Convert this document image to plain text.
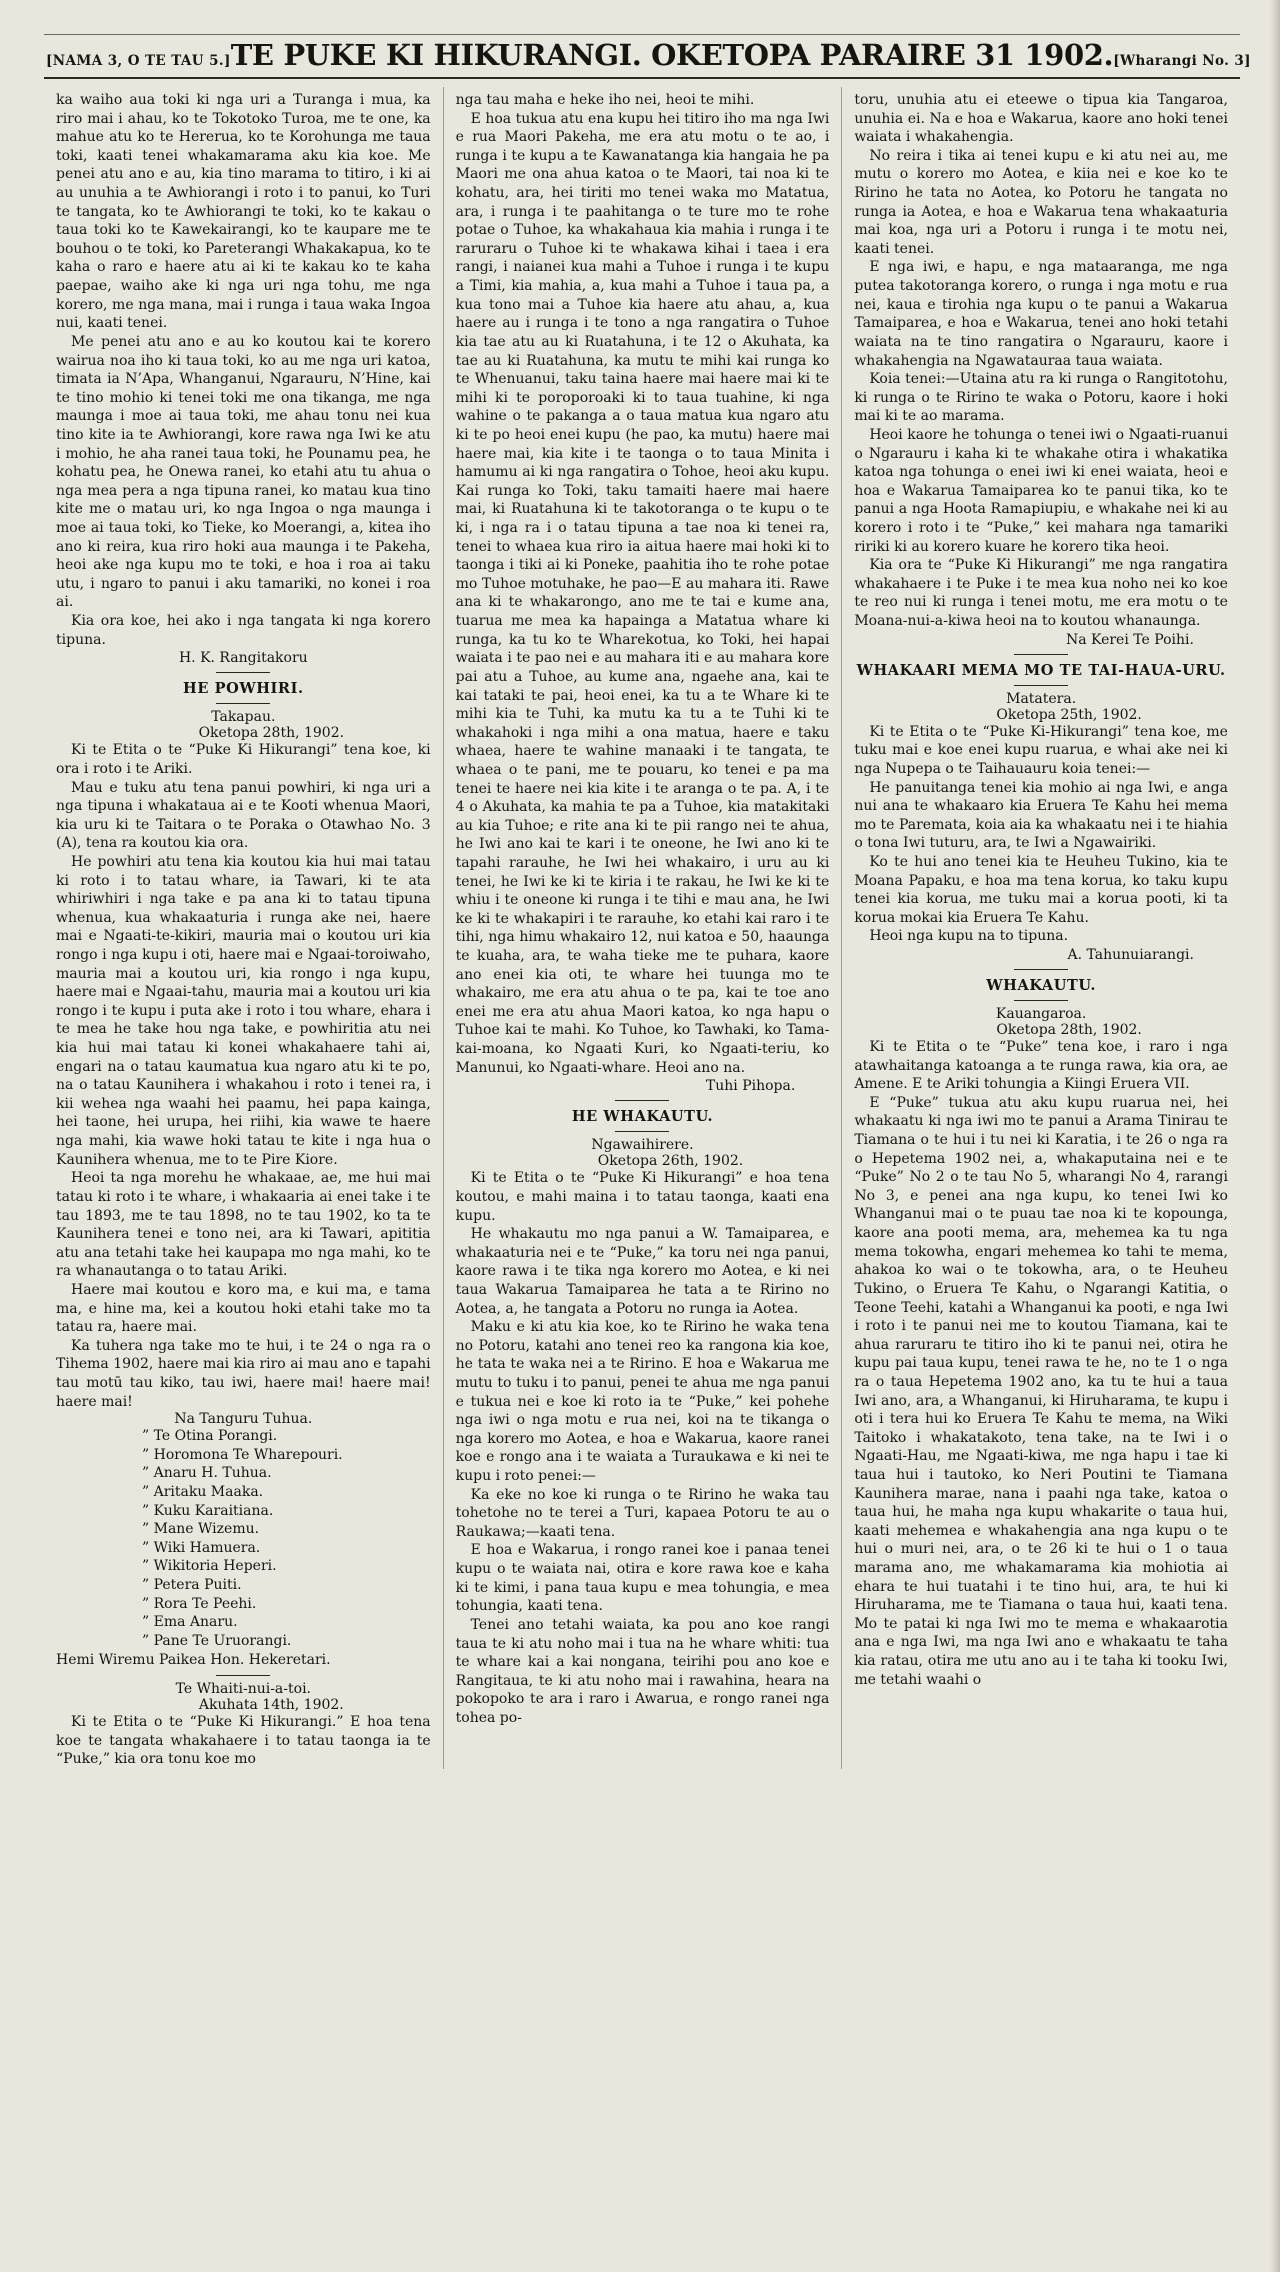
[NAMA 3, O TE TAU 5.] TE PUKE KI HIKURANGI. OKETOPA PARAIRE 31 1902. [Wharangi No. 3]
ka waiho aua toki ki nga uri a Turanga i mua, ka riro mai i ahau, ko te Tokotoko Turoa, me te one, ka mahue atu ko te Hererua, ko te Korohunga me taua toki, kaati tenei whakamarama aku kia koe. Me penei atu ano e au, kia tino marama to titiro, i ki ai au unuhia a te Awhiorangi i roto i to panui, ko Turi te tangata, ko te Awhiorangi te toki, ko te kakau o taua toki ko te Kawekairangi, ko te kaupare me te bouhou o te toki, ko Pareterangi Whakakapua, ko te kaha o raro e haere atu ai ki te kakau ko te kaha paepae, waiho ake ki nga uri nga tohu, me nga korero, me nga mana, mai i runga i taua waka Ingoa nui, kaati tenei.
Me penei atu ano e au ko koutou kai te korero wairua noa iho ki taua toki, ko au me nga uri katoa, timata ia N’Apa, Whanganui, Ngarauru, N’Hine, kai te tino mohio ki tenei toki me ona tikanga, me nga maunga i moe ai taua toki, me ahau tonu nei kua tino kite ia te Awhiorangi, kore rawa nga Iwi ke atu i mohio, he aha ranei taua toki, he Pounamu pea, he kohatu pea, he Onewa ranei, ko etahi atu tu ahua o nga mea pera a nga tipuna ranei, ko matau kua tino kite me o matau uri, ko nga Ingoa o nga maunga i moe ai taua toki, ko Tieke, ko Moerangi, a, kitea iho ano ki reira, kua riro hoki aua maunga i te Pakeha, heoi ake nga kupu mo te toki, e hoa i roa ai taku utu, i ngaro to panui i aku tamariki, no konei i roa ai.
Kia ora koe, hei ako i nga tangata ki nga korero tipuna.
H. K. Rangitakoru
HE POWHIRI.
Takapau.
Oketopa 28th, 1902.
Ki te Etita o te “Puke Ki Hikurangi” tena koe, ki ora i roto i te Ariki.
Mau e tuku atu tena panui powhiri, ki nga uri a nga tipuna i whakataua ai e te Kooti whenua Maori, kia uru ki te Taitara o te Poraka o Otawhao No. 3 (A), tena ra koutou kia ora.
He powhiri atu tena kia koutou kia hui mai tatau ki roto i to tatau whare, ia Tawari, ki te ata whiriwhiri i nga take e pa ana ki to tatau tipuna whenua, kua whakaaturia i runga ake nei, haere mai e Ngaati-te-kikiri, mauria mai o koutou uri kia rongo i nga kupu i oti, haere mai e Ngaai-toroiwaho, mauria mai a koutou uri, kia rongo i nga kupu, haere mai e Ngaai-tahu, mauria mai a koutou uri kia rongo i te kupu i puta ake i roto i tou whare, ehara i te mea he take hou nga take, e powhiritia atu nei kia hui mai tatau ki konei whakahaere tahi ai, engari na o tatau kaumatua kua ngaro atu ki te po, na o tatau Kaunihera i whakahou i roto i tenei ra, i kii wehea nga waahi hei paamu, hei papa kainga, hei taone, hei urupa, hei riihi, kia wawe te haere nga mahi, kia wawe hoki tatau te kite i nga hua o Kaunihera whenua, me to te Pire Kiore.
Heoi ta nga morehu he whakaae, ae, me hui mai tatau ki roto i te whare, i whakaaria ai enei take i te tau 1893, me te tau 1898, no te tau 1902, ko ta te Kaunihera tenei e tono nei, ara ki Tawari, apititia atu ana tetahi take hei kaupapa mo nga mahi, ko te ra whanautanga o to tatau Ariki.
Haere mai koutou e koro ma, e kui ma, e tama ma, e hine ma, kei a koutou hoki etahi take mo ta tatau ra, haere mai.
Ka tuhera nga take mo te hui, i te 24 o nga ra o Tihema 1902, haere mai kia riro ai mau ano e tapahi tau motū tau kiko, tau iwi, haere mai! haere mai! haere mai!
Na Tanguru Tuhua.
” Te Otina Porangi.
” Horomona Te Wharepouri.
” Anaru H. Tuhua.
” Aritaku Maaka.
” Kuku Karaitiana.
” Mane Wizemu.
” Wiki Hamuera.
” Wikitoria Heperi.
” Petera Puiti.
” Rora Te Peehi.
” Ema Anaru.
” Pane Te Uruorangi.
Hemi Wiremu Paikea Hon. Hekeretari.
Te Whaiti-nui-a-toi.
Akuhata 14th, 1902.
Ki te Etita o te “Puke Ki Hikurangi.” E hoa tena koe te tangata whakahaere i to tatau taonga ia te “Puke,” kia ora tonu koe mo
nga tau maha e heke iho nei, heoi te mihi.
E hoa tukua atu ena kupu hei titiro iho ma nga Iwi e rua Maori Pakeha, me era atu motu o te ao, i runga i te kupu a te Kawanatanga kia hangaia he pa Maori me ona ahua katoa o te Maori, tai noa ki te kohatu, ara, hei tiriti mo tenei waka mo Matatua, ara, i runga i te paahitanga o te ture mo te rohe potae o Tuhoe, ka whakahaua kia mahia i runga i te raruraru o Tuhoe ki te whakawa kihai i taea i era rangi, i naianei kua mahi a Tuhoe i runga i te kupu a Timi, kia mahia, a, kua mahi a Tuhoe i taua pa, a kua tono mai a Tuhoe kia haere atu ahau, a, kua haere au i runga i te tono a nga rangatira o Tuhoe kia tae atu au ki Ruatahuna, i te 12 o Akuhata, ka tae au ki Ruatahuna, ka mutu te mihi kai runga ko te Whenuanui, taku taina haere mai haere mai ki te mihi ki te poroporoaki ki to taua tuahine, ki nga wahine o te pakanga a o taua matua kua ngaro atu ki te po heoi enei kupu (he pao, ka mutu) haere mai haere mai, kia kite i te taonga o to taua Minita i hamumu ai ki nga rangatira o Tohoe, heoi aku kupu. Kai runga ko Toki, taku tamaiti haere mai haere mai, ki Ruatahuna ki te takotoranga o te kupu o te ki, i nga ra i o tatau tipuna a tae noa ki tenei ra, tenei to whaea kua riro ia aitua haere mai hoki ki to taonga i tiki ai ki Poneke, paahitia iho te rohe potae mo Tuhoe motuhake, he pao—E au mahara iti. Rawe ana ki te whakarongo, ano me te tai e kume ana, tuarua me mea ka hapainga a Matatua whare ki runga, ka tu ko te Wharekotua, ko Toki, hei hapai waiata i te pao nei e au mahara iti e au mahara kore pai atu a Tuhoe, au kume ana, ngaehe ana, kai te kai tataki te pai, heoi enei, ka tu a te Whare ki te mihi kia te Tuhi, ka mutu ka tu a te Tuhi ki te whakahoki i nga mihi a ona matua, haere e taku whaea, haere te wahine manaaki i te tangata, te whaea o te pani, me te pouaru, ko tenei e pa ma tenei te haere nei kia kite i te aranga o te pa. A, i te 4 o Akuhata, ka mahia te pa a Tuhoe, kia matakitaki au kia Tuhoe; e rite ana ki te pii rango nei te ahua, he Iwi ano kai te kari i te oneone, he Iwi ano ki te tapahi rarauhe, he Iwi hei whakairo, i uru au ki tenei, he Iwi ke ki te kiria i te rakau, he Iwi ke ki te whiu i te oneone ki runga i te tihi e mau ana, he Iwi ke ki te whakapiri i te rarauhe, ko etahi kai raro i te tihi, nga himu whakairo 12, nui katoa e 50, haaunga te kuaha, ara, te waha tieke me te puhara, kaore ano enei kia oti, te whare hei tuunga mo te whakairo, me era atu ahua o te pa, kai te toe ano enei me era atu ahua Maori katoa, ko nga hapu o Tuhoe kai te mahi. Ko Tuhoe, ko Tawhaki, ko Tama-kai-moana, ko Ngaati Kuri, ko Ngaati-teriu, ko Manunui, ko Ngaati-whare. Heoi ano na.
Tuhi Pihopa.
HE WHAKAUTU.
Ngawaihirere.
Oketopa 26th, 1902.
Ki te Etita o te “Puke Ki Hikurangi” e hoa tena koutou, e mahi maina i to tatau taonga, kaati ena kupu.
He whakautu mo nga panui a W. Tamaiparea, e whakaaturia nei e te “Puke,” ka toru nei nga panui, kaore rawa i te tika nga korero mo Aotea, e ki nei taua Wakarua Tamaiparea he tata a te Ririno no Aotea, a, he tangata a Potoru no runga ia Aotea.
Maku e ki atu kia koe, ko te Ririno he waka tena no Potoru, katahi ano tenei reo ka rangona kia koe, he tata te waka nei a te Ririno. E hoa e Wakarua me mutu to tuku i to panui, penei te ahua me nga panui e tukua nei e koe ki roto ia te “Puke,” kei pohehe nga iwi o nga motu e rua nei, koi na te tikanga o nga korero mo Aotea, e hoa e Wakarua, kaore ranei koe e rongo ana i te waiata a Turaukawa e ki nei te kupu i roto penei:—
Ka eke no koe ki runga o te Ririno he waka tau tohetohe no te terei a Turi, kapaea Potoru te au o Raukawa;—kaati tena.
E hoa e Wakarua, i rongo ranei koe i panaa tenei kupu o te waiata nai, otira e kore rawa koe e kaha ki te kimi, i pana taua kupu e mea tohungia, e mea tohungia, kaati tena.
Tenei ano tetahi waiata, ka pou ano koe rangi taua te ki atu noho mai i tua na he whare whiti: tua te whare kai a kai nongana, teirihi pou ano koe e Rangitaua, te ki atu noho mai i rawahina, heara na pokopoko te ara i raro i Awarua, e rongo ranei nga tohea po-
toru, unuhia atu ei eteewe o tipua kia Tangaroa, unuhia ei. Na e hoa e Wakarua, kaore ano hoki tenei waiata i whakahengia.
No reira i tika ai tenei kupu e ki atu nei au, me mutu o korero mo Aotea, e kiia nei e koe ko te Ririno he tata no Aotea, ko Potoru he tangata no runga ia Aotea, e hoa e Wakarua tena whakaaturia mai koa, nga uri a Potoru i runga i te motu nei, kaati tenei.
E nga iwi, e hapu, e nga mataaranga, me nga putea takotoranga korero, o runga i nga motu e rua nei, kaua e tirohia nga kupu o te panui a Wakarua Tamaiparea, e hoa e Wakarua, tenei ano hoki tetahi waiata na te tino rangatira o Ngarauru, kaore i whakahengia na Ngawatauraa taua waiata.
Koia tenei:—Utaina atu ra ki runga o Rangitotohu, ki runga o te Ririno te waka o Potoru, kaore i hoki mai ki te ao marama.
Heoi kaore he tohunga o tenei iwi o Ngaati-ruanui o Ngarauru i kaha ki te whakahe otira i whakatika katoa nga tohunga o enei iwi ki enei waiata, heoi e hoa e Wakarua Tamaiparea ko te panui tika, ko te panui a nga Hoota Ramapiupiu, e whakahe nei ki au korero i roto i te “Puke,” kei mahara nga tamariki ririki ki au korero kuare he korero tika heoi.
Kia ora te “Puke Ki Hikurangi” me nga rangatira whakahaere i te Puke i te mea kua noho nei ko koe te reo nui ki runga i tenei motu, me era motu o te Moana-nui-a-kiwa heoi na to koutou whanaunga.
Na Kerei Te Poihi.
WHAKAARI MEMA MO TE TAI-HAUA-URU.
Matatera.
Oketopa 25th, 1902.
Ki te Etita o te “Puke Ki-Hikurangi” tena koe, me tuku mai e koe enei kupu ruarua, e whai ake nei ki nga Nupepa o te Taihauauru koia tenei:—
He panuitanga tenei kia mohio ai nga Iwi, e anga nui ana te whakaaro kia Eruera Te Kahu hei mema mo te Paremata, koia aia ka whakaatu nei i te hiahia o tona Iwi tuturu, ara, te Iwi a Ngawairiki.
Ko te hui ano tenei kia te Heuheu Tukino, kia te Moana Papaku, e hoa ma tena korua, ko taku kupu tenei kia korua, me tuku mai a korua pooti, ki ta korua mokai kia Eruera Te Kahu.
Heoi nga kupu na to tipuna.
A. Tahunuiarangi.
WHAKAUTU.
Kauangaroa.
Oketopa 28th, 1902.
Ki te Etita o te “Puke” tena koe, i raro i nga atawhaitanga katoanga a te runga rawa, kia ora, ae Amene. E te Ariki tohungia a Kiingi Eruera VII.
E “Puke” tukua atu aku kupu ruarua nei, hei whakaatu ki nga iwi mo te panui a Arama Tinirau te Tiamana o te hui i tu nei ki Karatia, i te 26 o nga ra o Hepetema 1902 nei, a, whakaputaina nei e te “Puke” No 2 o te tau No 5, wharangi No 4, rarangi No 3, e penei ana nga kupu, ko tenei Iwi ko Whanganui mai o te puau tae noa ki te kopounga, kaore ana pooti mema, ara, mehemea ka tu nga mema tokowha, engari mehemea ko tahi te mema, ahakoa ko wai o te tokowha, ara, o te Heuheu Tukino, o Eruera Te Kahu, o Ngarangi Katitia, o Teone Teehi, katahi a Whanganui ka pooti, e nga Iwi i roto i te panui nei me to koutou Tiamana, kai te ahua raruraru te titiro iho ki te panui nei, otira he kupu pai taua kupu, tenei rawa te he, no te 1 o nga ra o taua Hepetema 1902 ano, ka tu te hui a taua Iwi ano, ara, a Whanganui, ki Hiruharama, te kupu i oti i tera hui ko Eruera Te Kahu te mema, na Wiki Taitoko i whakatakoto, tena take, na te Iwi i o Ngaati-Hau, me Ngaati-kiwa, me nga hapu i tae ki taua hui i tautoko, ko Neri Poutini te Tiamana Kaunihera marae, nana i paahi nga take, katoa o taua hui, he maha nga kupu whakarite o taua hui, kaati mehemea e whakahengia ana nga kupu o te hui o muri nei, ara, o te 26 ki te hui o 1 o taua marama ano, me whakamarama kia mohiotia ai ehara te hui tuatahi i te tino hui, ara, te hui ki Hiruharama, me te Tiamana o taua hui, kaati tena. Mo te patai ki nga Iwi mo te mema e whakaarotia ana e nga Iwi, ma nga Iwi ano e whakaatu te taha kia ratau, otira me utu ano au i te taha ki tooku Iwi, me tetahi waahi o
